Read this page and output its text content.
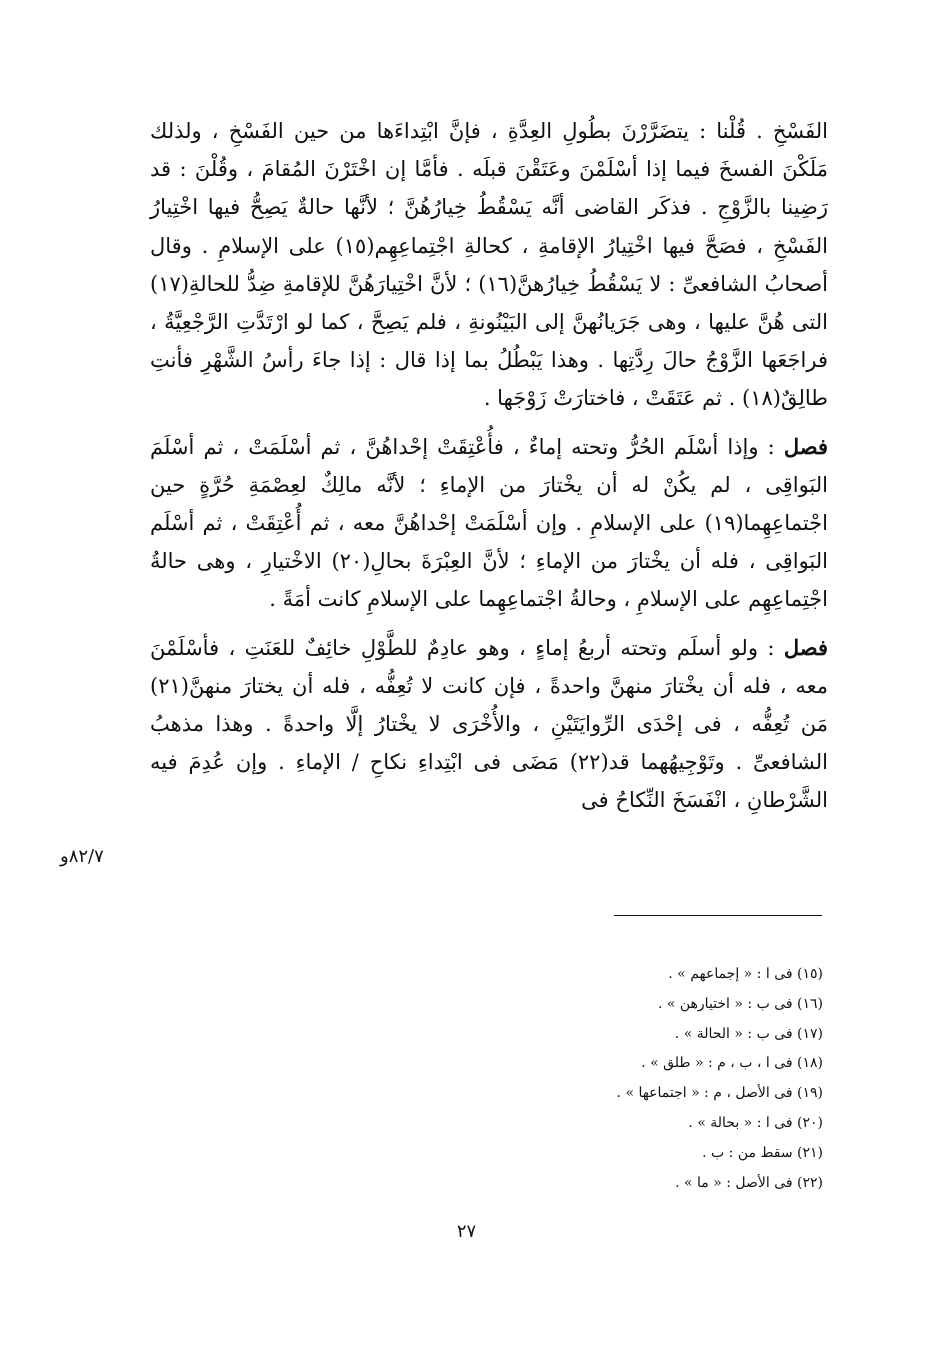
الفَسْخِ . قُلْنا : يتضَرَّرْنَ بطُولِ العِدَّةِ ، فإنَّ ابْتِداءَها من حين الفَسْخِ ، ولذلك مَلَكْنَ الفسخَ فيما إذا أسْلَمْنَ وعَتَقْنَ قبلَه . فأمَّا إن اخْتَرْنَ المُقامَ ، وقُلْنَ : قد رَضِينا بالزَّوْجِ . فذكَر القاضى أنَّه يَسْقُطُ خِيارُهُنَّ ؛ لأنَّها حالةٌ يَصِحُّ فيها اخْتِيارُ الفَسْخِ ، فصَحَّ فيها اخْتِيارُ الإقامةِ ، كحالةِ اجْتِماعِهِم(١٥) على الإسلامِ . وقال أصحابُ الشافعىِّ : لا يَسْقُطُ خِيارُهنَّ(١٦) ؛ لأنَّ اخْتِيارَهُنَّ للإقامةِ ضِدُّ للحالةِ(١٧) التى هُنَّ عليها ، وهى جَرَيانُهنَّ إلى البَيْنُونةِ ، فلم يَصِحَّ ، كما لو ارْتَدَّتِ الرَّجْعِيَّةُ ، فراجَعَها الزَّوْجُ حالَ رِدَّتِها . وهذا يَبْطُلُ بما إذا قال : إذا جاءَ رأسُ الشَّهْرِ فأنتِ طالِقٌ(١٨) . ثم عَتَقَتْ ، فاختارَتْ زَوْجَها .

فصل : وإذا أسْلَم الحُرُّ وتحته إماءٌ ، فأُعْتِقَتْ إحْداهُنَّ ، ثم أسْلَمَتْ ، ثم أسْلَمَ البَواقِى ، لم يكُنْ له أن يخْتارَ من الإماءِ ؛ لأنَّه مالِكٌ لعِصْمَةِ حُرَّةٍ حين اجْتماعِهِما(١٩) على الإسلامِ . وإن أسْلَمَتْ إحْداهُنَّ معه ، ثم أُعْتِقَتْ ، ثم أسْلَم البَواقِى ، فله أن يخْتارَ من الإماءِ ؛ لأنَّ العِبْرَةَ بحالِ(٢٠) الاخْتيارِ ، وهى حالةُ اجْتِماعِهِم على الإسلامِ ، وحالةُ اجْتماعِهِما على الإسلامِ كانت أمَةً .

فصل : ولو أسلَم وتحته أربعُ إماءٍ ، وهو عادِمٌ للطَّوْلِ خائِفٌ للعَنَتِ ، فأسْلَمْنَ معه ، فله أن يخْتارَ منهنَّ واحدةً ، فإن كانت لا تُعِفُّه ، فله أن يختارَ منهنَّ(٢١) مَن تُعِفُّه ، فى إحْدَى الرِّوايَتَيْنِ ، والأُخْرَى لا يخْتارُ إلَّا واحدةً . وهذا مذهبُ الشافعىِّ . وتَوْجِيهُهما قد(٢٢) مَضَى فى ابْتِداءِ نكاحِ / الإماءِ . وإن عُدِمَ فيه الشَّرْطانِ ، انْفَسَخَ النِّكاحُ فى

٨٢/٧و
(١٥) فى ا : « إجماعهم » .
(١٦) فى ب : « اختيارهن » .
(١٧) فى ب : « الحالة » .
(١٨) فى ا ، ب ، م : « طلق » .
(١٩) فى الأصل ، م : « اجتماعها » .
(٢٠) فى ا : « بحالة » .
(٢١) سقط من : ب .
(٢٢) فى الأصل : « ما » .
٢٧
